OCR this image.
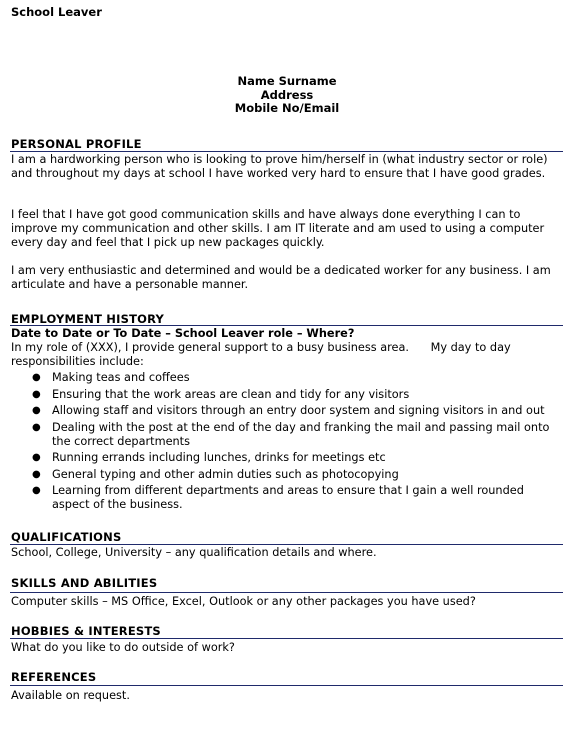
School Leaver
Name Surname
Address
Mobile No/Email
PERSONAL PROFILE
I am a hardworking person who is looking to prove him/herself in (what industry sector or role) and throughout my days at school I have worked very hard to ensure that I have good grades.
I feel that I have got good communication skills and have always done everything I can to improve my communication and other skills. I am IT literate and am used to using a computer every day and feel that I pick up new packages quickly.
I am very enthusiastic and determined and would be a dedicated worker for any business. I am articulate and have a personable manner.
EMPLOYMENT HISTORY
Date to Date or To Date – School Leaver role – Where?
In my role of (XXX), I provide general support to a busy business area.      My day to day responsibilities include:
● Making teas and coffees
● Ensuring that the work areas are clean and tidy for any visitors
● Allowing staff and visitors through an entry door system and signing visitors in and out
● Dealing with the post at the end of the day and franking the mail and passing mail onto the correct departments
● Running errands including lunches, drinks for meetings etc
● General typing and other admin duties such as photocopying
● Learning from different departments and areas to ensure that I gain a well rounded aspect of the business.
QUALIFICATIONS
School, College, University – any qualification details and where.
SKILLS AND ABILITIES
Computer skills – MS Office, Excel, Outlook or any other packages you have used?
HOBBIES & INTERESTS
What do you like to do outside of work?
REFERENCES
Available on request.
